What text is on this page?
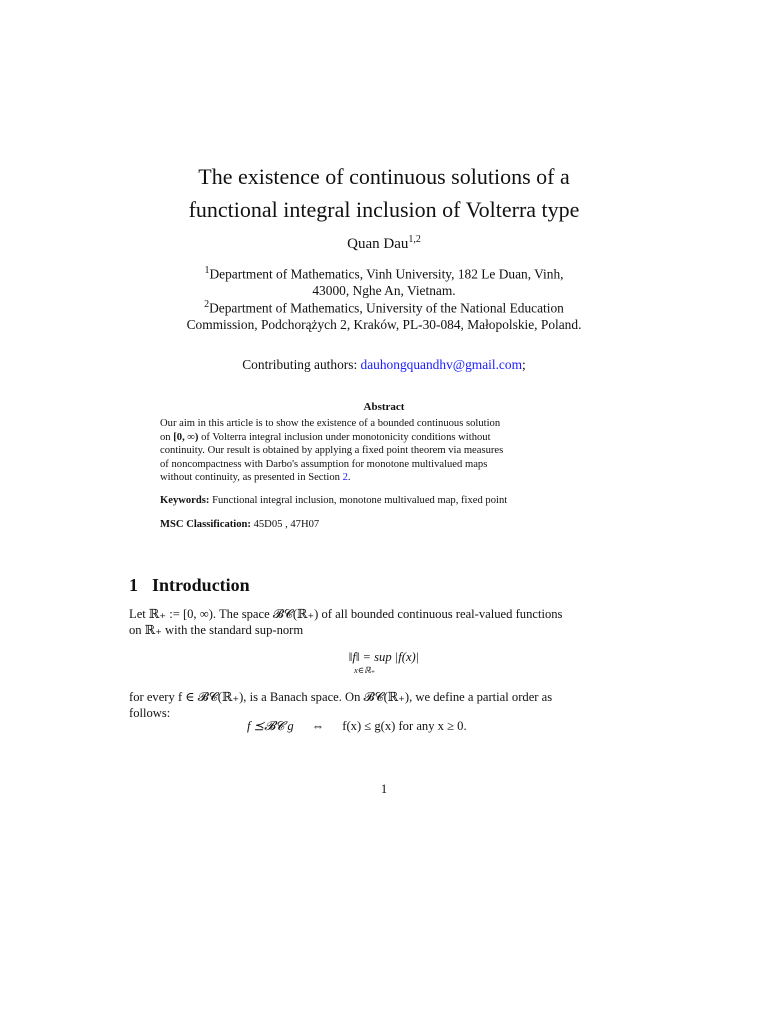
The existence of continuous solutions of a
functional integral inclusion of Volterra type
Quan Dau$^{1,2}$
$^1$Department of Mathematics, Vinh University, 182 Le Duan, Vinh,
43000, Nghe An, Vietnam.
$^2$Department of Mathematics, University of the National Education
Commission, Podchorążych 2, Kraków, PL-30-084, Małopolskie, Poland.
Contributing authors: dauhongquandhv@gmail.com;
Abstract
Our aim in this article is to show the existence of a bounded continuous solution
on [0, ∞) of Volterra integral inclusion under monotonicity conditions without
continuity. Our result is obtained by applying a fixed point theorem via measures
of noncompactness with Darbo's assumption for monotone multivalued maps
without continuity, as presented in Section 2.
Keywords: Functional integral inclusion, monotone multivalued map, fixed point
MSC Classification: 45D05 , 47H07
1 Introduction
Let ℝ₊ := [0, ∞). The space 𝓑𝓒(ℝ₊) of all bounded continuous real-valued functions
on ℝ₊ with the standard sup-norm
‖f‖ = sup |f(x)|
x∈ℝ₊
for every f ∈ 𝓑𝓒(ℝ₊), is a Banach space. On 𝓑𝓒(ℝ₊), we define a partial order as
follows:
f ⪯𝓑𝓒 g ⇔ f(x) ≤ g(x) for any x ≥ 0.
1
